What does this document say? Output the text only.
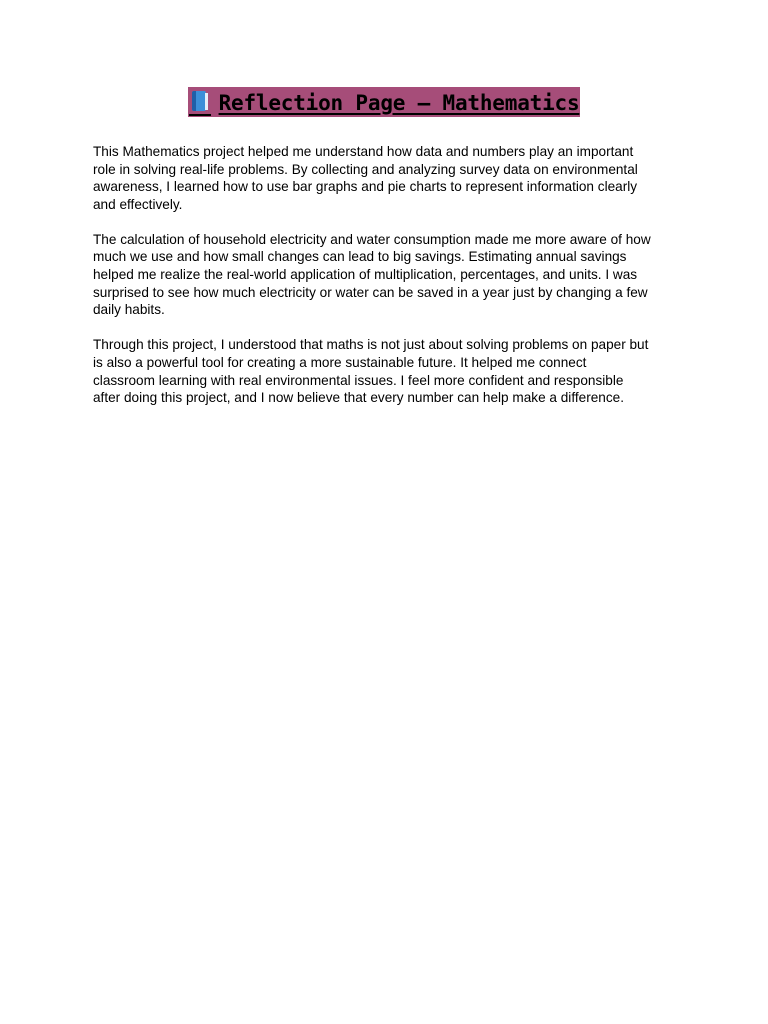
Reflection Page – Mathematics

This Mathematics project helped me understand how data and numbers play an important
role in solving real-life problems. By collecting and analyzing survey data on environmental
awareness, I learned how to use bar graphs and pie charts to represent information clearly
and effectively.

The calculation of household electricity and water consumption made me more aware of how
much we use and how small changes can lead to big savings. Estimating annual savings
helped me realize the real-world application of multiplication, percentages, and units. I was
surprised to see how much electricity or water can be saved in a year just by changing a few
daily habits.

Through this project, I understood that maths is not just about solving problems on paper but
is also a powerful tool for creating a more sustainable future. It helped me connect
classroom learning with real environmental issues. I feel more confident and responsible
after doing this project, and I now believe that every number can help make a difference.
